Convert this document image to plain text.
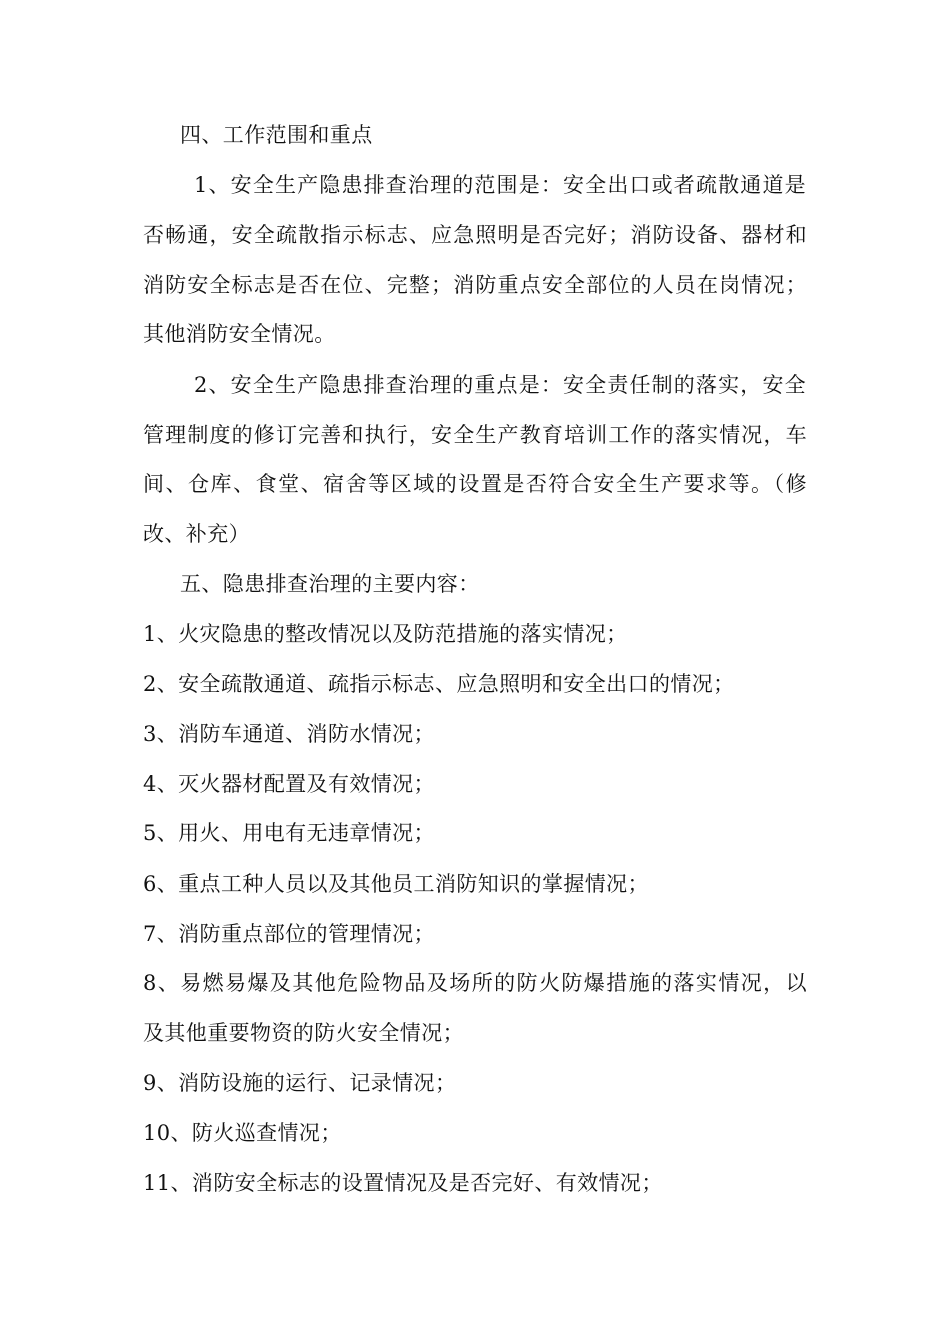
四、工作范围和重点
1、安全生产隐患排查治理的范围是：安全出口或者疏散通道是
否畅通，安全疏散指示标志、应急照明是否完好；消防设备、器材和
消防安全标志是否在位、完整；消防重点安全部位的人员在岗情况；
其他消防安全情况。
2、安全生产隐患排查治理的重点是：安全责任制的落实，安全
管理制度的修订完善和执行，安全生产教育培训工作的落实情况，车
间、仓库、食堂、宿舍等区域的设置是否符合安全生产要求等。（修
改、补充）
五、隐患排查治理的主要内容：
1、火灾隐患的整改情况以及防范措施的落实情况；
2、安全疏散通道、疏指示标志、应急照明和安全出口的情况；
3、消防车通道、消防水情况；
4、灭火器材配置及有效情况；
5、用火、用电有无违章情况；
6、重点工种人员以及其他员工消防知识的掌握情况；
7、消防重点部位的管理情况；
8、易燃易爆及其他危险物品及场所的防火防爆措施的落实情况，以
及其他重要物资的防火安全情况；
9、消防设施的运行、记录情况；
10、防火巡查情况；
11、消防安全标志的设置情况及是否完好、有效情况；
